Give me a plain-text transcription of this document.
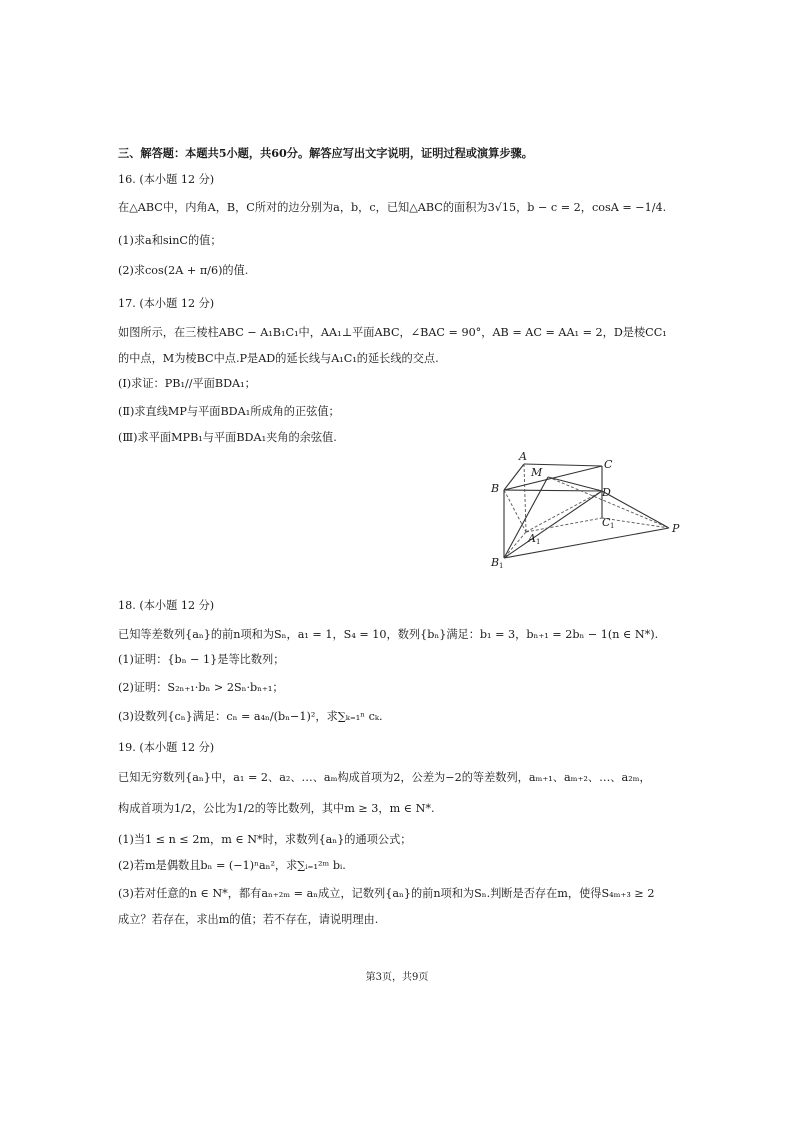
三、解答题：本题共5小题，共60分。解答应写出文字说明，证明过程或演算步骤。
16. (本小题 12 分)
在△ABC中，内角A，B，C所对的边分别为a，b，c，已知△ABC的面积为3√15，b − c = 2，cosA = −1/4.
(1)求a和sinC的值；
(2)求cos(2A + π/6)的值.
17. (本小题 12 分)
如图所示，在三棱柱ABC − A₁B₁C₁中，AA₁⊥平面ABC，∠BAC = 90°，AB = AC = AA₁ = 2，D是棱CC₁
的中点，M为棱BC中点.P是AD的延长线与A₁C₁的延长线的交点.
(Ⅰ)求证：PB₁//平面BDA₁；
(Ⅱ)求直线MP与平面BDA₁所成角的正弦值；
(Ⅲ)求平面MPB₁与平面BDA₁夹角的余弦值.
A
M
C
B	D
C 1
A 1
P
B 1
18. (本小题 12 分)
已知等差数列{aₙ}的前n项和为Sₙ，a₁ = 1，S₄ = 10，数列{bₙ}满足：b₁ = 3，bₙ₊₁ = 2bₙ − 1(n ∈ N*).
(1)证明：{bₙ − 1}是等比数列；
(2)证明：S₂ₙ₊₁·bₙ > 2Sₙ·bₙ₊₁；
(3)设数列{cₙ}满足：cₙ = a₄ₙ/(bₙ−1)²，求∑ₖ₌₁ⁿ cₖ.
19. (本小题 12 分)
已知无穷数列{aₙ}中，a₁ = 2、a₂、…、aₘ构成首项为2，公差为−2的等差数列，aₘ₊₁、aₘ₊₂、…、a₂ₘ，
构成首项为1/2，公比为1/2的等比数列，其中m ≥ 3，m ∈ N*.
(1)当1 ≤ n ≤ 2m，m ∈ N*时，求数列{aₙ}的通项公式；
(2)若m是偶数且bₙ = (−1)ⁿaₙ²，求∑ᵢ₌₁²ᵐ bᵢ.
(3)若对任意的n ∈ N*，都有aₙ₊₂ₘ = aₙ成立，记数列{aₙ}的前n项和为Sₙ.判断是否存在m，使得S₄ₘ₊₃ ≥ 2
成立？若存在，求出m的值；若不存在，请说明理由.
第3页，共9页
